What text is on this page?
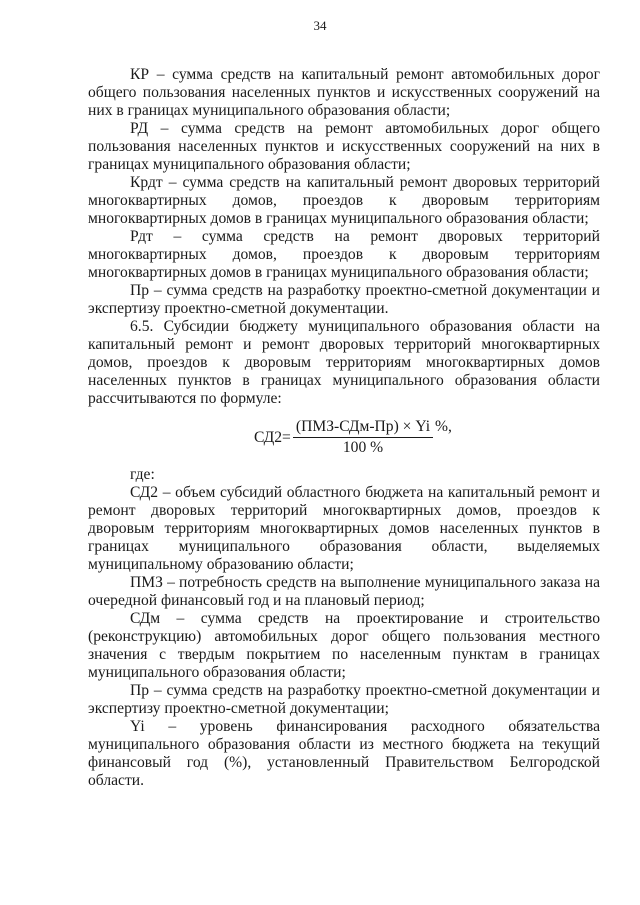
34

КР – сумма средств на капитальный ремонт автомобильных дорог общего пользования населенных пунктов и искусственных сооружений на них в границах муниципального образования области;

РД – сумма средств на ремонт автомобильных дорог общего пользования населенных пунктов и искусственных сооружений на них в границах муниципального образования области;

Крдт – сумма средств на капитальный ремонт дворовых территорий многоквартирных домов, проездов к дворовым территориям многоквартирных домов в границах муниципального образования области;

Рдт – сумма средств на ремонт дворовых территорий многоквартирных домов, проездов к дворовым территориям многоквартирных домов в границах муниципального образования области;

Пр – сумма средств на разработку проектно-сметной документации и экспертизу проектно-сметной документации.

6.5. Субсидии бюджету муниципального образования области на капитальный ремонт и ремонт дворовых территорий многоквартирных домов, проездов к дворовым территориям многоквартирных домов населенных пунктов в границах муниципального образования области рассчитываются по формуле:

СД2=
(ПМЗ-СДм-Пр) × Yi
100 %
%,

где:

СД2 – объем субсидий областного бюджета на капитальный ремонт и ремонт дворовых территорий многоквартирных домов, проездов к дворовым территориям многоквартирных домов населенных пунктов в границах муниципального образования области, выделяемых муниципальному образованию области;

ПМЗ – потребность средств на выполнение муниципального заказа на очередной финансовый год и на плановый период;

СДм – сумма средств на проектирование и строительство (реконструкцию) автомобильных дорог общего пользования местного значения с твердым покрытием по населенным пунктам в границах муниципального образования области;

Пр – сумма средств на разработку проектно-сметной документации и экспертизу проектно-сметной документации;

Yi – уровень финансирования расходного обязательства муниципального образования области из местного бюджета на текущий финансовый год (%), установленный Правительством Белгородской области.
